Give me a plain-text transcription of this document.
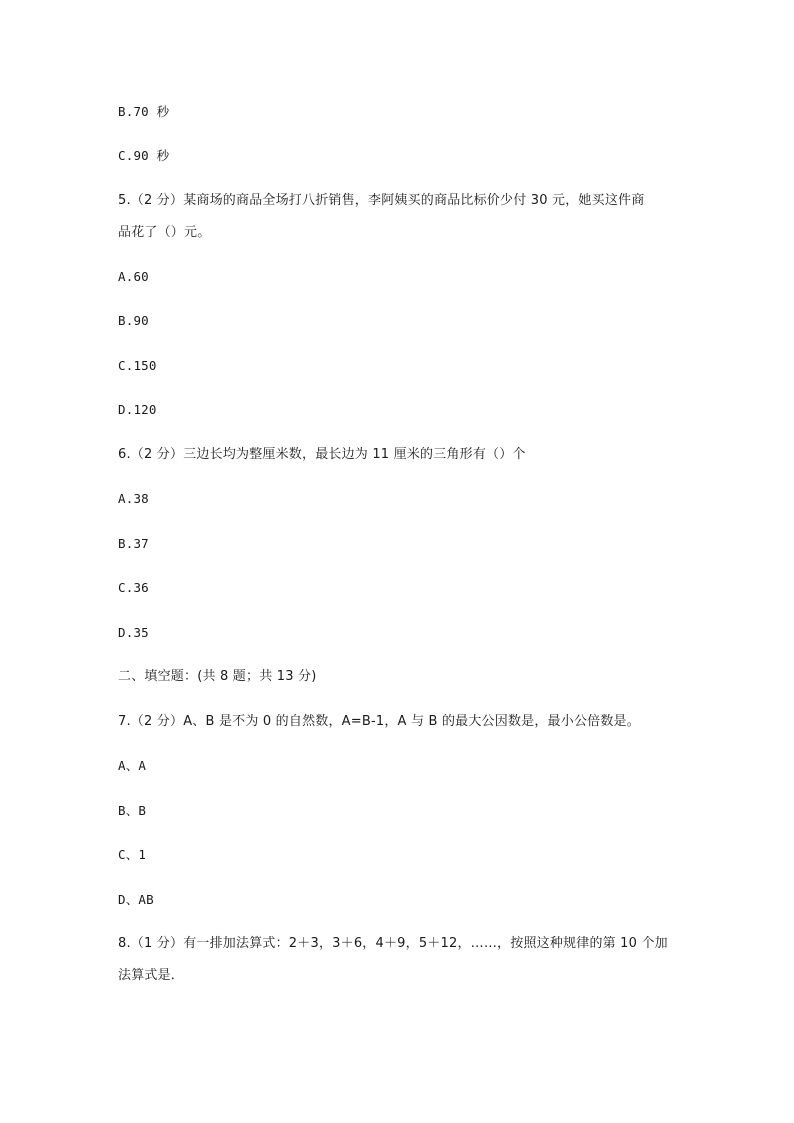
B.70 秒
C.90 秒
5.（2 分）某商场的商品全场打八折销售，李阿姨买的商品比标价少付 30 元，她买这件商
品花了（）元。
A.60
B.90
C.150
D.120
6.（2 分）三边长均为整厘米数，最长边为 11 厘米的三角形有（）个
A.38
B.37
C.36
D.35
二、填空题：(共 8 题；共 13 分)
7.（2 分）A、B 是不为 0 的自然数，A=B-1，A 与 B 的最大公因数是，最小公倍数是。
A、A
B、B
C、1
D、AB
8.（1 分）有一排加法算式：2＋3，3＋6，4＋9，5＋12，……，按照这种规律的第 10 个加
法算式是．
